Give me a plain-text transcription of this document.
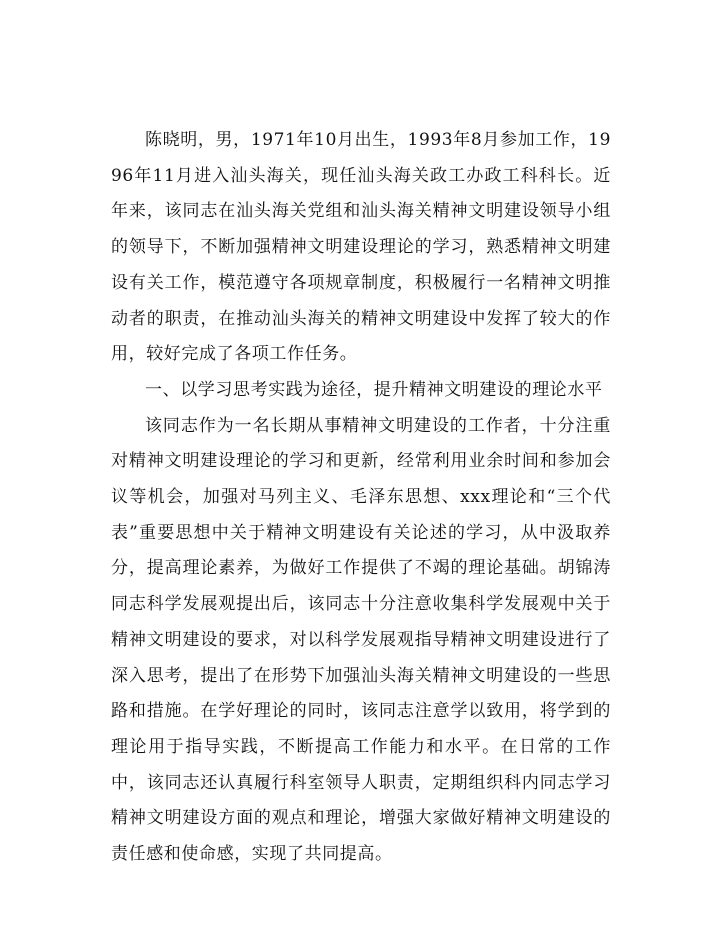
陈晓明，男，1971年10月出生，1993年8月参加工作，1996年11月进入汕头海关，现任汕头海关政工办政工科科长。近年来，该同志在汕头海关党组和汕头海关精神文明建设领导小组的领导下，不断加强精神文明建设理论的学习，熟悉精神文明建设有关工作，模范遵守各项规章制度，积极履行一名精神文明推动者的职责，在推动汕头海关的精神文明建设中发挥了较大的作用，较好完成了各项工作任务。

一、以学习思考实践为途径，提升精神文明建设的理论水平

该同志作为一名长期从事精神文明建设的工作者，十分注重对精神文明建设理论的学习和更新，经常利用业余时间和参加会议等机会，加强对马列主义、毛泽东思想、xxx理论和“三个代表”重要思想中关于精神文明建设有关论述的学习，从中汲取养分，提高理论素养，为做好工作提供了不竭的理论基础。胡锦涛同志科学发展观提出后，该同志十分注意收集科学发展观中关于精神文明建设的要求，对以科学发展观指导精神文明建设进行了深入思考，提出了在形势下加强汕头海关精神文明建设的一些思路和措施。在学好理论的同时，该同志注意学以致用，将学到的理论用于指导实践，不断提高工作能力和水平。在日常的工作中，该同志还认真履行科室领导人职责，定期组织科内同志学习精神文明建设方面的观点和理论，增强大家做好精神文明建设的责任感和使命感，实现了共同提高。
